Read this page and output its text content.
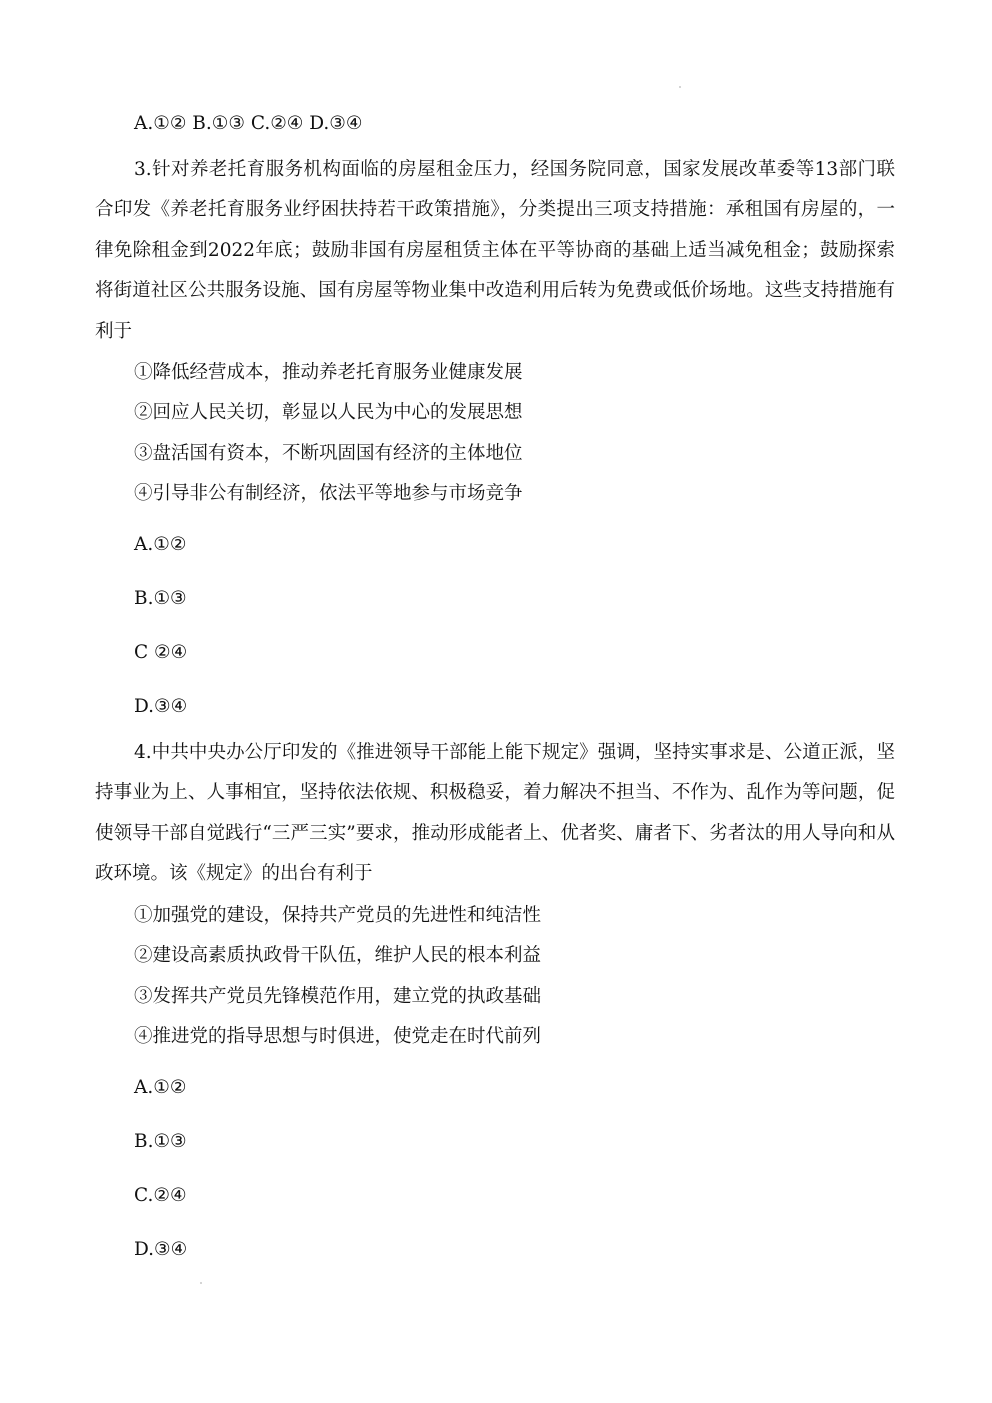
A.①② B.①③ C.②④ D.③④
3.针对养老托育服务机构面临的房屋租金压力，经国务院同意，国家发展改革委等13部门联合印发《养老托育服务业纾困扶持若干政策措施》，分类提出三项支持措施：承租国有房屋的，一律免除租金到2022年底；鼓励非国有房屋租赁主体在平等协商的基础上适当减免租金；鼓励探索将街道社区公共服务设施、国有房屋等物业集中改造利用后转为免费或低价场地。这些支持措施有利于
①降低经营成本，推动养老托育服务业健康发展
②回应人民关切，彰显以人民为中心的发展思想
③盘活国有资本，不断巩固国有经济的主体地位
④引导非公有制经济，依法平等地参与市场竞争
A.①②
B.①③
C ②④
D.③④
4.中共中央办公厅印发的《推进领导干部能上能下规定》强调，坚持实事求是、公道正派，坚持事业为上、人事相宜，坚持依法依规、积极稳妥，着力解决不担当、不作为、乱作为等问题，促使领导干部自觉践行“三严三实”要求，推动形成能者上、优者奖、庸者下、劣者汰的用人导向和从政环境。该《规定》的出台有利于
①加强党的建设，保持共产党员的先进性和纯洁性
②建设高素质执政骨干队伍，维护人民的根本利益
③发挥共产党员先锋模范作用，建立党的执政基础
④推进党的指导思想与时俱进，使党走在时代前列
A.①②
B.①③
C.②④
D.③④
